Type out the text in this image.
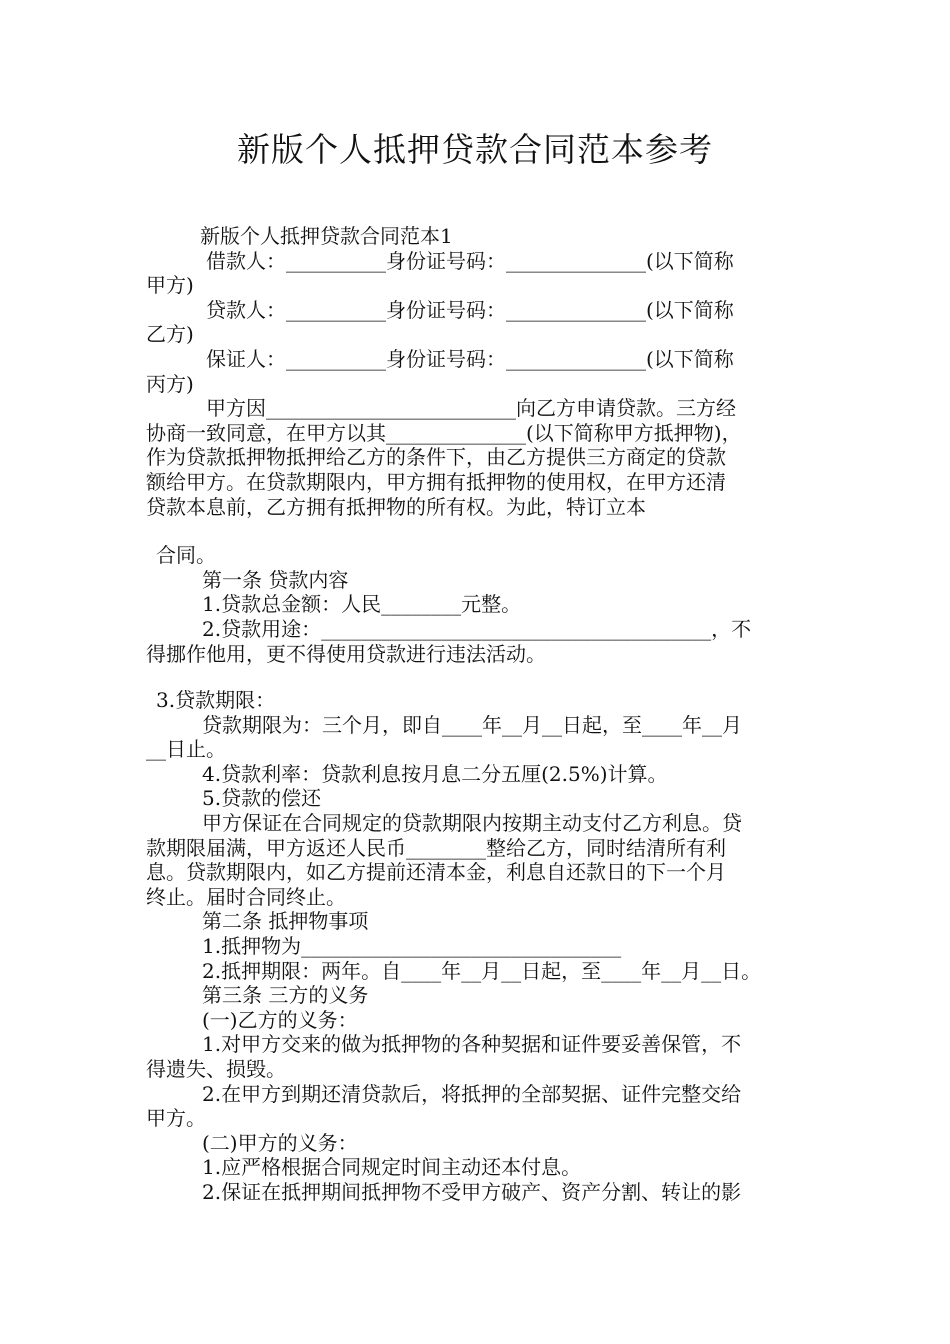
新版个人抵押贷款合同范本参考

新版个人抵押贷款合同范本1

借款人：__________身份证号码：______________(以下简称

甲方)

贷款人：__________身份证号码：______________(以下简称

乙方)

保证人：__________身份证号码：______________(以下简称

丙方)

甲方因_________________________向乙方申请贷款。三方经

协商一致同意，在甲方以其______________(以下简称甲方抵押物)，

作为贷款抵押物抵押给乙方的条件下，由乙方提供三方商定的贷款

额给甲方。在贷款期限内，甲方拥有抵押物的使用权，在甲方还清

贷款本息前，乙方拥有抵押物的所有权。为此，特订立本

合同。

第一条 贷款内容

1.贷款总金额：人民________元整。

2.贷款用途：_______________________________________，不

得挪作他用，更不得使用贷款进行违法活动。

3.贷款期限：

贷款期限为：三个月，即自____年__月__日起，至____年__月

__日止。

4.贷款利率：贷款利息按月息二分五厘(2.5%)计算。

5.贷款的偿还

甲方保证在合同规定的贷款期限内按期主动支付乙方利息。贷

款期限届满，甲方返还人民币________整给乙方，同时结清所有利

息。贷款期限内，如乙方提前还清本金，利息自还款日的下一个月

终止。届时合同终止。

第二条 抵押物事项

1.抵押物为________________________________

2.抵押期限：两年。自____年__月__日起，至____年__月__日。

第三条 三方的义务

(一)乙方的义务：

1.对甲方交来的做为抵押物的各种契据和证件要妥善保管，不

得遗失、损毁。

2.在甲方到期还清贷款后，将抵押的全部契据、证件完整交给

甲方。

(二)甲方的义务：

1.应严格根据合同规定时间主动还本付息。

2.保证在抵押期间抵押物不受甲方破产、资产分割、转让的影
